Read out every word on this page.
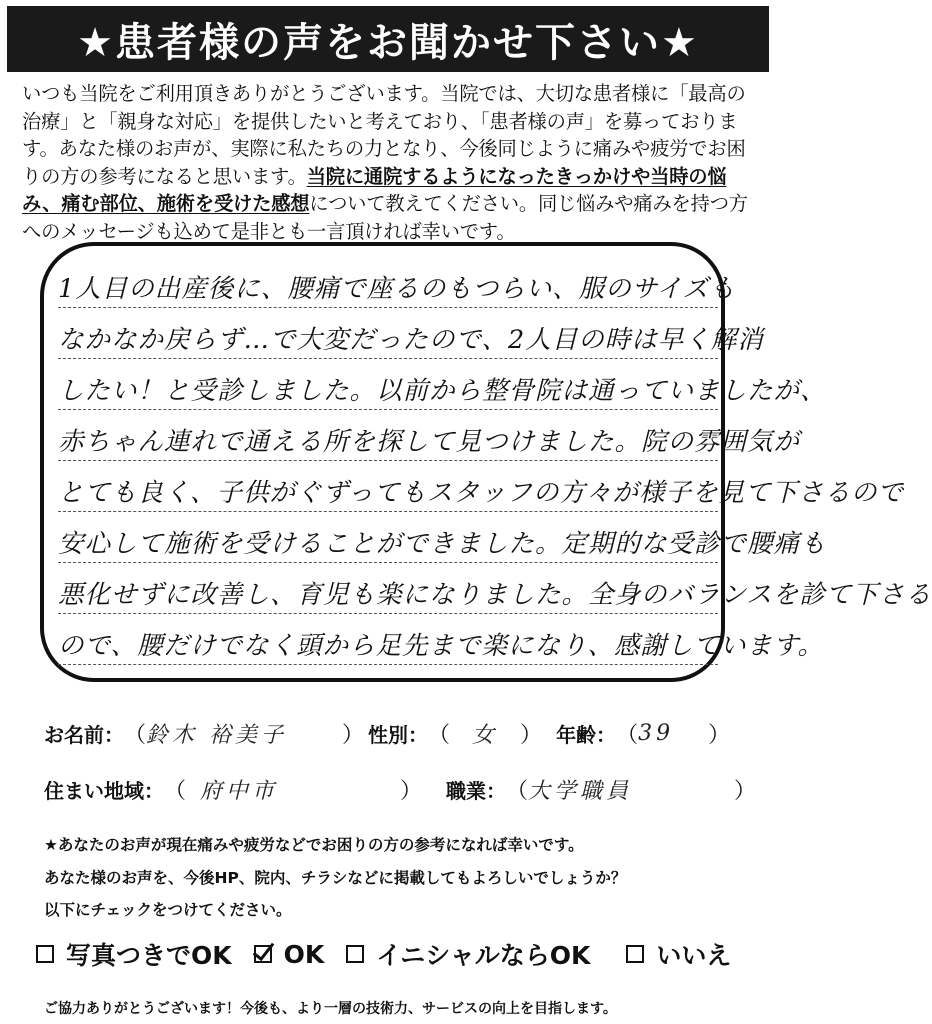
★患者様の声をお聞かせ下さい★
いつも当院をご利用頂きありがとうございます。当院では、大切な患者様に「最高の治療」と「親身な対応」を提供したいと考えており、「患者様の声」を募っております。あなた様のお声が、実際に私たちの力となり、今後同じように痛みや疲労でお困りの方の参考になると思います。当院に通院するようになったきっかけや当時の悩み、痛む部位、施術を受けた感想について教えてください。同じ悩みや痛みを持つ方へのメッセージも込めて是非とも一言頂ければ幸いです。
1人目の出産後に、腰痛で座るのもつらい、服のサイズも
なかなか戻らず…で大変だったので、2人目の時は早く解消
したい！と受診しました。以前から整骨院は通っていましたが、
赤ちゃん連れで通える所を探して見つけました。院の雰囲気が
とても良く、子供がぐずってもスタッフの方々が様子を見て下さるので
安心して施術を受けることができました。定期的な受診で腰痛も
悪化せずに改善し、育児も楽になりました。全身のバランスを診て下さる
ので、腰だけでなく頭から足先まで楽になり、感謝しています。
お名前： （ 鈴木 裕美子	） 性別： （ 女	） 年齢： （ 39	）
住まい地域： （ 府中市	） 職業： （ 大学職員	）
★あなたのお声が現在痛みや疲労などでお困りの方の参考になれば幸いです。
あなた様のお声を、今後HP、院内、チラシなどに掲載してもよろしいでしょうか？
以下にチェックをつけてください。
写真つきでOK OK イニシャルならOK	いいえ
ご協力ありがとうございます！今後も、より一層の技術力、サービスの向上を目指します。
